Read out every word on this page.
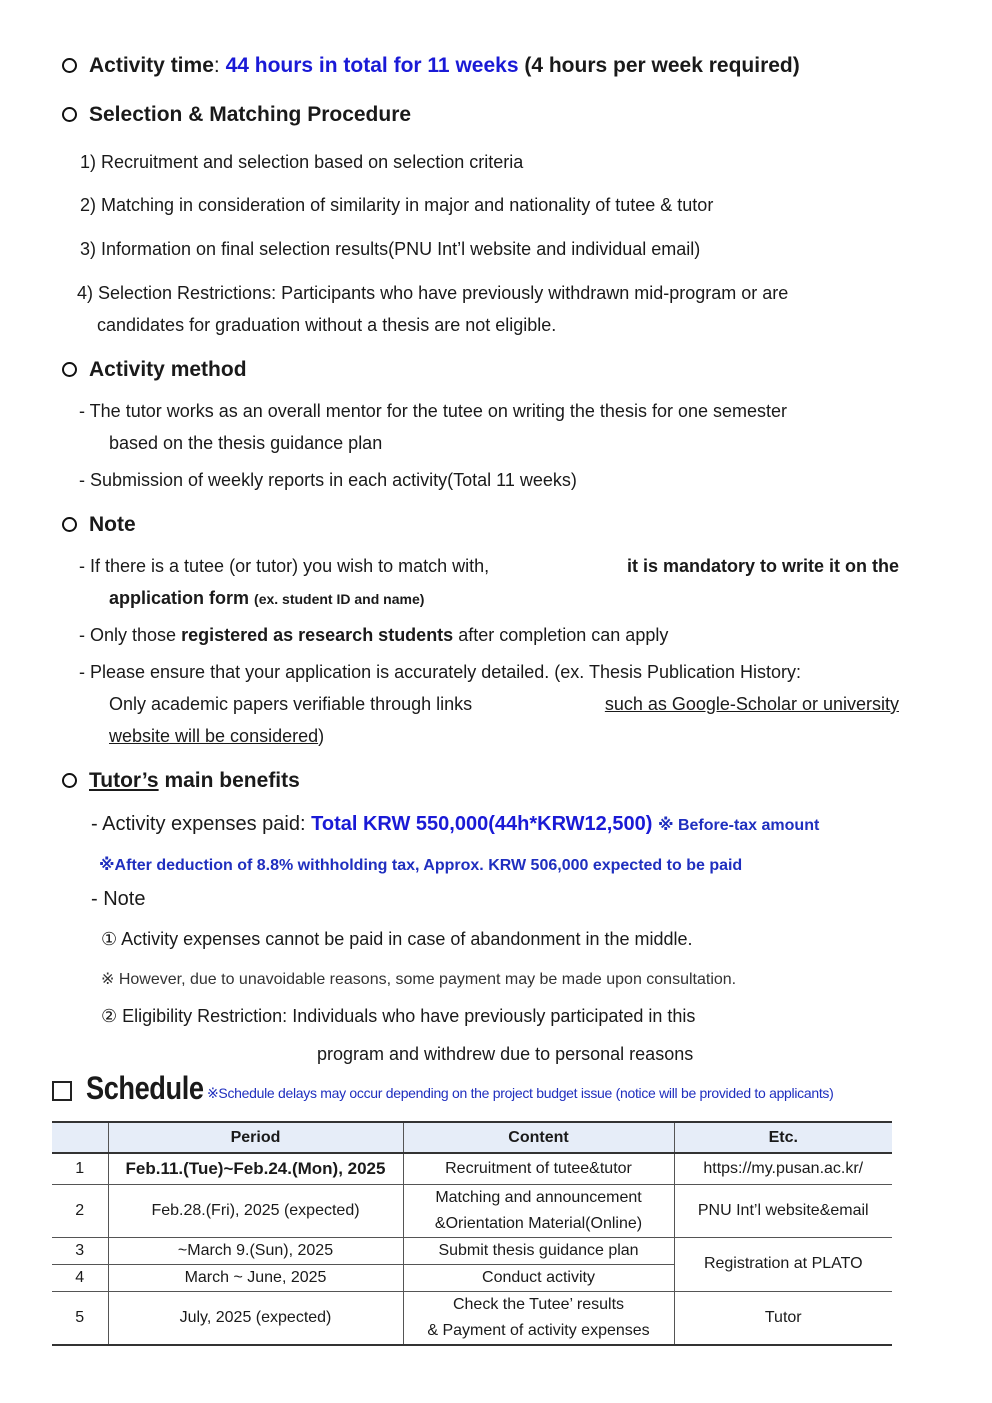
Activity time: 44 hours in total for 11 weeks (4 hours per week required)
Selection & Matching Procedure
1) Recruitment and selection based on selection criteria
2) Matching in consideration of similarity in major and nationality of tutee & tutor
3) Information on final selection results(PNU Int’l website and individual email)
4) Selection Restrictions: Participants who have previously withdrawn mid-program or are
candidates for graduation without a thesis are not eligible.
Activity method
- The tutor works as an overall mentor for the tutee on writing the thesis for one semester
based on the thesis guidance plan
- Submission of weekly reports in each activity(Total 11 weeks)
Note
- If there is a tutee (or tutor) you wish to match with,	it is mandatory to write it on the
application form (ex. student ID and name)
- Only those registered as research students after completion can apply
- Please ensure that your application is accurately detailed. (ex. Thesis Publication History:
Only academic papers verifiable through links	such as Google-Scholar or university
website will be considered)
Tutor’s main benefits
- Activity expenses paid: Total KRW 550,000(44h*KRW12,500) ※ Before-tax amount
※After deduction of 8.8% withholding tax, Approx. KRW 506,000 expected to be paid
- Note
① Activity expenses cannot be paid in case of abandonment in the middle.
※ However, due to unavoidable reasons, some payment may be made upon consultation.
② Eligibility Restriction: Individuals who have previously participated in this
program and withdrew due to personal reasons
Schedule ※Schedule delays may occur depending on the project budget issue (notice will be provided to applicants)
	Period	Content	Etc.
1	Feb.11.(Tue)~Feb.24.(Mon), 2025	Recruitment of tutee&tutor	https://my.pusan.ac.kr/
2	Feb.28.(Fri), 2025 (expected)	Matching and announcement
&Orientation Material(Online)	PNU Int’l website&email
3	~March 9.(Sun), 2025	Submit thesis guidance plan	Registration at PLATO
4	March ~ June, 2025	Conduct activity	
5	July, 2025 (expected)	Check the Tutee’ results
& Payment of activity expenses	Tutor
